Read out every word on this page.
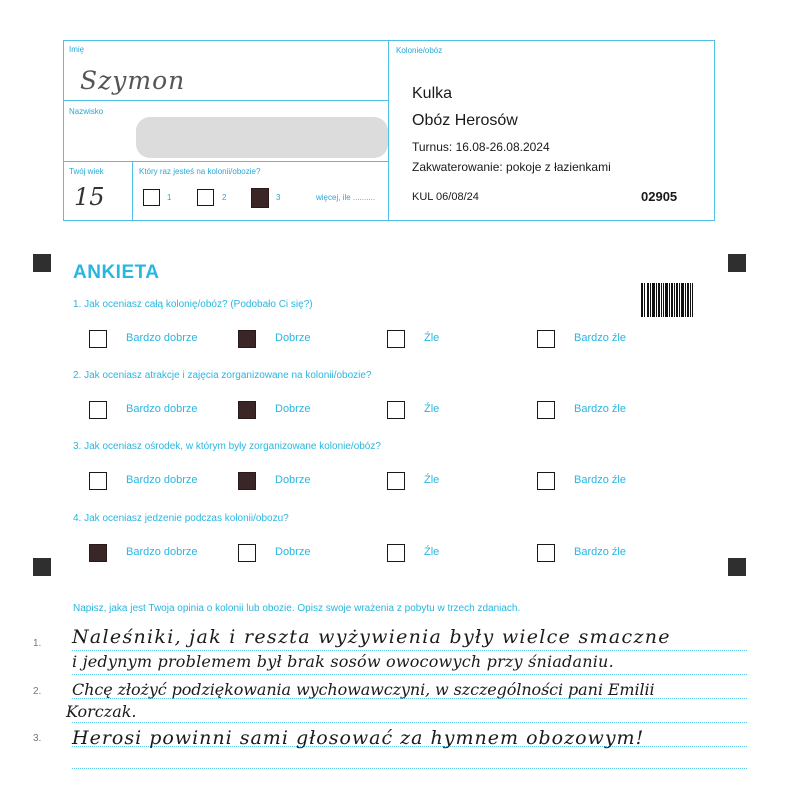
Imię
Szymon
Nazwisko
Twój wiek
15
Który raz jesteś na kolonii/obozie?
1	2	3	więcej, ile ..........
Kolonie/obóz
Kulka
Obóz Herosów
Turnus: 16.08-26.08.2024
Zakwaterowanie: pokoje z łazienkami
KUL 06/08/24	02905
ANKIETA
1. Jak oceniasz całą kolonię/obóz? (Podobało Ci się?)
Bardzo dobrze	Dobrze	Źle	Bardzo źle
2. Jak oceniasz atrakcje i zajęcia zorganizowane na kolonii/obozie?
Bardzo dobrze	Dobrze	Źle	Bardzo źle
3. Jak oceniasz ośrodek, w którym były zorganizowane kolonie/obóz?
Bardzo dobrze	Dobrze	Źle	Bardzo źle
4. Jak oceniasz jedzenie podczas kolonii/obozu?
Bardzo dobrze	Dobrze	Źle	Bardzo źle
Napisz, jaka jest Twoja opinia o kolonii lub obozie. Opisz swoje wrażenia z pobytu w trzech zdaniach.
1.
2.
3.
Naleśniki, jak i reszta wyżywienia były wielce smaczne
i jedynym problemem był brak sosów owocowych przy śniadaniu.
Chcę złożyć podziękowania wychowawczyni, w szczególności pani Emilii
Korczak.
Herosi powinni sami głosować za hymnem obozowym!
